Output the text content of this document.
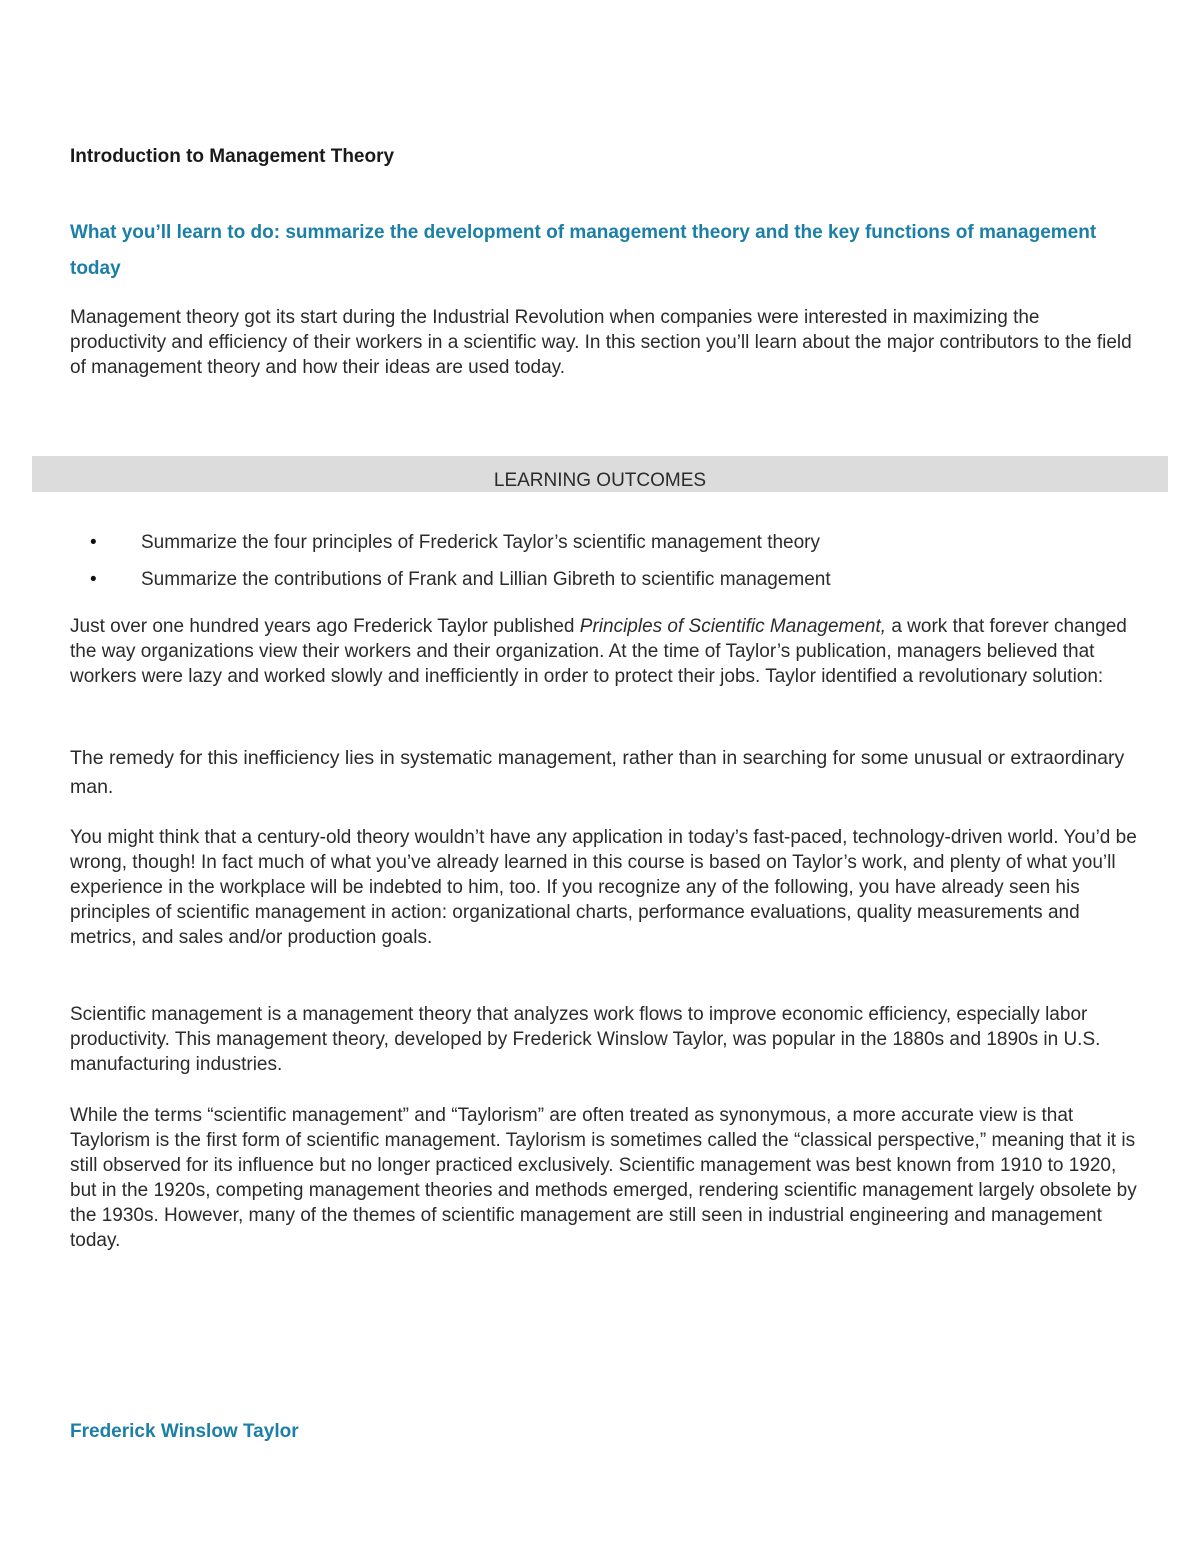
Introduction to Management Theory
What you’ll learn to do: summarize the development of management theory and the key functions of management today

Management theory got its start during the Industrial Revolution when companies were interested in maximizing the productivity and efficiency of their workers in a scientific way. In this section you’ll learn about the major contributors to the field of management theory and how their ideas are used today.

LEARNING OUTCOMES
• Summarize the four principles of Frederick Taylor’s scientific management theory
• Summarize the contributions of Frank and Lillian Gibreth to scientific management

Just over one hundred years ago Frederick Taylor published Principles of Scientific Management, a work that forever changed the way organizations view their workers and their organization. At the time of Taylor’s publication, managers believed that workers were lazy and worked slowly and inefficiently in order to protect their jobs. Taylor identified a revolutionary solution:

The remedy for this inefficiency lies in systematic management, rather than in searching for some unusual or extraordinary man.

You might think that a century-old theory wouldn’t have any application in today’s fast-paced, technology-driven world. You’d be wrong, though! In fact much of what you’ve already learned in this course is based on Taylor’s work, and plenty of what you’ll experience in the workplace will be indebted to him, too. If you recognize any of the following, you have already seen his principles of scientific management in action: organizational charts, performance evaluations, quality measurements and metrics, and sales and/or production goals.

Scientific management is a management theory that analyzes work flows to improve economic efficiency, especially labor productivity. This management theory, developed by Frederick Winslow Taylor, was popular in the 1880s and 1890s in U.S. manufacturing industries.

While the terms “scientific management” and “Taylorism” are often treated as synonymous, a more accurate view is that Taylorism is the first form of scientific management. Taylorism is sometimes called the “classical perspective,” meaning that it is still observed for its influence but no longer practiced exclusively. Scientific management was best known from 1910 to 1920, but in the 1920s, competing management theories and methods emerged, rendering scientific management largely obsolete by the 1930s. However, many of the themes of scientific management are still seen in industrial engineering and management today.

Frederick Winslow Taylor
